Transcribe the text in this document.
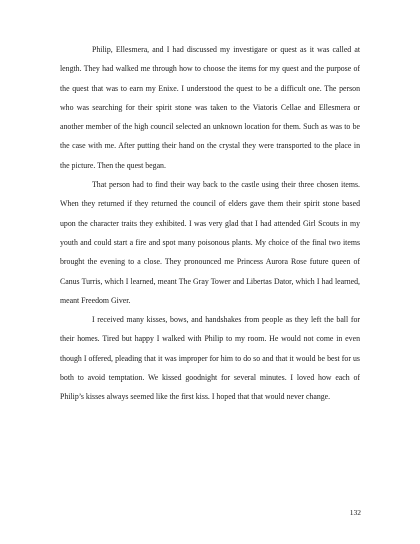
Philip, Ellesmera, and I had discussed my investigare or quest as it was called at length. They had walked me through how to choose the items for my quest and the purpose of the quest that was to earn my Enixe. I understood the quest to be a difficult one. The person who was searching for their spirit stone was taken to the Viatoris Cellae and Ellesmera or another member of the high council selected an unknown location for them. Such as was to be the case with me. After putting their hand on the crystal they were transported to the place in the picture. Then the quest began.

That person had to find their way back to the castle using their three chosen items. When they returned if they returned the council of elders gave them their spirit stone based upon the character traits they exhibited. I was very glad that I had attended Girl Scouts in my youth and could start a fire and spot many poisonous plants. My choice of the final two items brought the evening to a close. They pronounced me Princess Aurora Rose future queen of Canus Turris, which I learned, meant The Gray Tower and Libertas Dator, which I had learned, meant Freedom Giver.

I received many kisses, bows, and handshakes from people as they left the ball for their homes. Tired but happy I walked with Philip to my room. He would not come in even though I offered, pleading that it was improper for him to do so and that it would be best for us both to avoid temptation. We kissed goodnight for several minutes. I loved how each of Philip’s kisses always seemed like the first kiss. I hoped that that would never change.

132
